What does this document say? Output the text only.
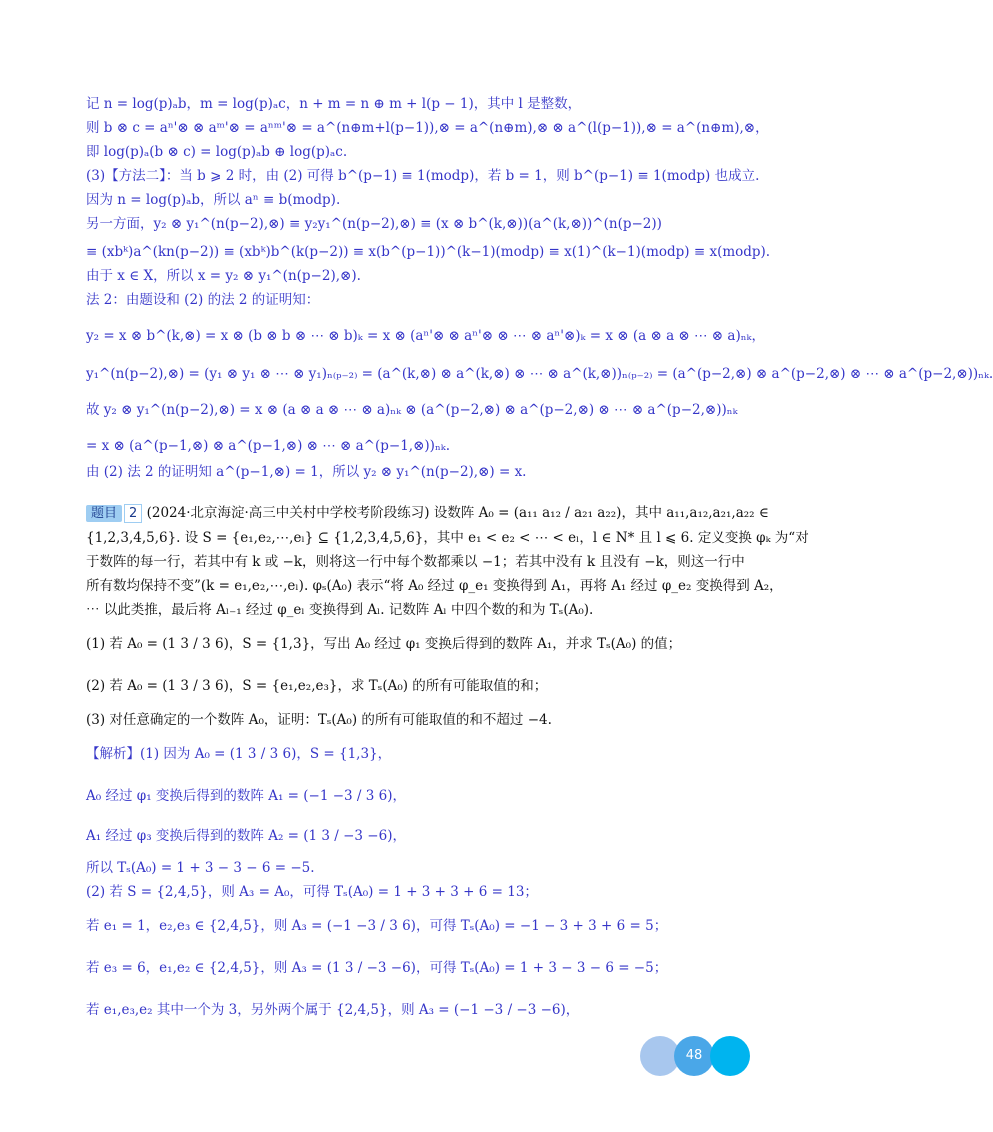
记 n = log(p)ₐb，m = log(p)ₐc，n + m = n ⊕ m + l(p − 1)，其中 l 是整数，
则 b ⊗ c = aⁿ'⊗ ⊗ aᵐ'⊗ = aⁿᵐ'⊗ = a^(n⊕m+l(p−1)),⊗ = a^(n⊕m),⊗ ⊗ a^(l(p−1)),⊗ = a^(n⊕m),⊗，
即 log(p)ₐ(b ⊗ c) = log(p)ₐb ⊕ log(p)ₐc.
(3)【方法二】：当 b ⩾ 2 时，由 (2) 可得 b^(p−1) ≡ 1(modp)，若 b = 1，则 b^(p−1) ≡ 1(modp) 也成立.
因为 n = log(p)ₐb，所以 aⁿ ≡ b(modp).
另一方面，y₂ ⊗ y₁^(n(p−2),⊗) ≡ y₂y₁^(n(p−2),⊗) ≡ (x ⊗ b^(k,⊗))(a^(k,⊗))^(n(p−2))
≡ (xbᵏ)a^(kn(p−2)) ≡ (xbᵏ)b^(k(p−2)) ≡ x(b^(p−1))^(k−1)(modp) ≡ x(1)^(k−1)(modp) ≡ x(modp).
由于 x ∈ X，所以 x = y₂ ⊗ y₁^(n(p−2),⊗).
法 2：由题设和 (2) 的法 2 的证明知：
y₂ = x ⊗ b^(k,⊗) = x ⊗ (b ⊗ b ⊗ ⋯ ⊗ b)ₖ = x ⊗ (aⁿ'⊗ ⊗ aⁿ'⊗ ⊗ ⋯ ⊗ aⁿ'⊗)ₖ = x ⊗ (a ⊗ a ⊗ ⋯ ⊗ a)ₙₖ，
y₁^(n(p−2),⊗) = (y₁ ⊗ y₁ ⊗ ⋯ ⊗ y₁)ₙ₍ₚ₋₂₎ = (a^(k,⊗) ⊗ a^(k,⊗) ⊗ ⋯ ⊗ a^(k,⊗))ₙ₍ₚ₋₂₎ = (a^(p−2,⊗) ⊗ a^(p−2,⊗) ⊗ ⋯ ⊗ a^(p−2,⊗))ₙₖ.
故 y₂ ⊗ y₁^(n(p−2),⊗) = x ⊗ (a ⊗ a ⊗ ⋯ ⊗ a)ₙₖ ⊗ (a^(p−2,⊗) ⊗ a^(p−2,⊗) ⊗ ⋯ ⊗ a^(p−2,⊗))ₙₖ
= x ⊗ (a^(p−1,⊗) ⊗ a^(p−1,⊗) ⊗ ⋯ ⊗ a^(p−1,⊗))ₙₖ.
由 (2) 法 2 的证明知 a^(p−1,⊗) = 1，所以 y₂ ⊗ y₁^(n(p−2),⊗) = x.
{1,2,3,4,5,6}. 设 S = {e₁,e₂,⋯,eₗ} ⊆ {1,2,3,4,5,6}，其中 e₁ < e₂ < ⋯ < eₗ，l ∈ N* 且 l ⩽ 6. 定义变换 φₖ 为“对
于数阵的每一行，若其中有 k 或 −k，则将这一行中每个数都乘以 −1；若其中没有 k 且没有 −k，则这一行中
所有数均保持不变”(k = e₁,e₂,⋯,eₗ). φₛ(A₀) 表示“将 A₀ 经过 φ_e₁ 变换得到 A₁，再将 A₁ 经过 φ_e₂ 变换得到 A₂，
⋯ 以此类推，最后将 Aₗ₋₁ 经过 φ_eₗ 变换得到 Aₗ. 记数阵 Aₗ 中四个数的和为 Tₛ(A₀).
(1) 若 A₀ = (1 3 / 3 6)，S = {1,3}，写出 A₀ 经过 φ₁ 变换后得到的数阵 A₁，并求 Tₛ(A₀) 的值；
(2) 若 A₀ = (1 3 / 3 6)，S = {e₁,e₂,e₃}，求 Tₛ(A₀) 的所有可能取值的和；
(3) 对任意确定的一个数阵 A₀，证明：Tₛ(A₀) 的所有可能取值的和不超过 −4.
【解析】(1) 因为 A₀ = (1 3 / 3 6)，S = {1,3}，
A₀ 经过 φ₁ 变换后得到的数阵 A₁ = (−1 −3 / 3 6)，
A₁ 经过 φ₃ 变换后得到的数阵 A₂ = (1 3 / −3 −6)，
所以 Tₛ(A₀) = 1 + 3 − 3 − 6 = −5.
(2) 若 S = {2,4,5}，则 A₃ = A₀，可得 Tₛ(A₀) = 1 + 3 + 3 + 6 = 13；
若 e₁ = 1，e₂,e₃ ∈ {2,4,5}，则 A₃ = (−1 −3 / 3 6)，可得 Tₛ(A₀) = −1 − 3 + 3 + 6 = 5；
若 e₃ = 6，e₁,e₂ ∈ {2,4,5}，则 A₃ = (1 3 / −3 −6)，可得 Tₛ(A₀) = 1 + 3 − 3 − 6 = −5；
若 e₁,e₃,e₂ 其中一个为 3，另外两个属于 {2,4,5}，则 A₃ = (−1 −3 / −3 −6)，
题目 2 (2024·北京海淀·高三中关村中学校考阶段练习) 设数阵 A₀ = (a₁₁ a₁₂ / a₂₁ a₂₂)，其中 a₁₁,a₁₂,a₂₁,a₂₂ ∈
48
